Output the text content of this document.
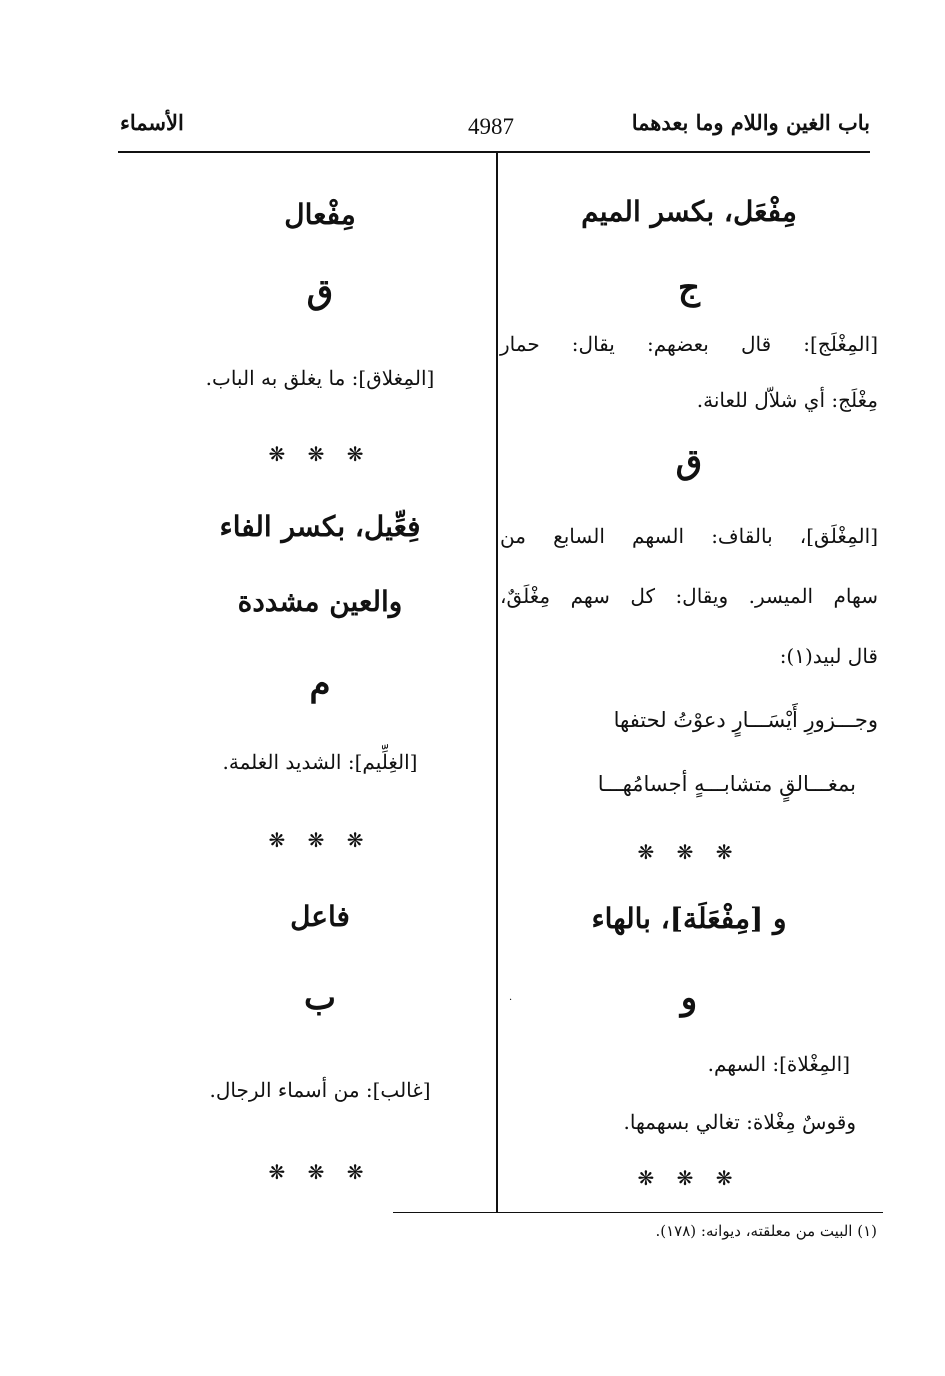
باب الغين واللام وما بعدهما
4987
الأسماء
مِفْعَل، بكسر الميم
ج
[المِغْلَج]: قال بعضهم: يقال: حمار
مِغْلَج: أي شلاّل للعانة.
ق
[المِغْلَق]، بالقاف: السهم السابع من
سهام الميسر. ويقال: كل سهم مِغْلَقٌ،
قال لبيد(١):
وجـــزورِ أَيْسَـــارٍ دعوْتُ لحتفها
بمغـــالقٍ متشابـــهٍ أجسامُهـــا
❋ ❋ ❋
و [مِفْعَلَة]، بالهاء
و
[المِغْلاة]: السهم.
وقوسٌ مِغْلاة: تغالي بسهمها.
❋ ❋ ❋
مِفْعال
ق
[المِغلاق]: ما يغلق به الباب.
❋ ❋ ❋
فِعِّيل، بكسر الفاء
والعين مشددة
م
[الغِلِّيم]: الشديد الغلمة.
❋ ❋ ❋
فاعل
ب
[غالب]: من أسماء الرجال.
❋ ❋ ❋
·
(١) البيت من معلقته، ديوانه: (١٧٨).
